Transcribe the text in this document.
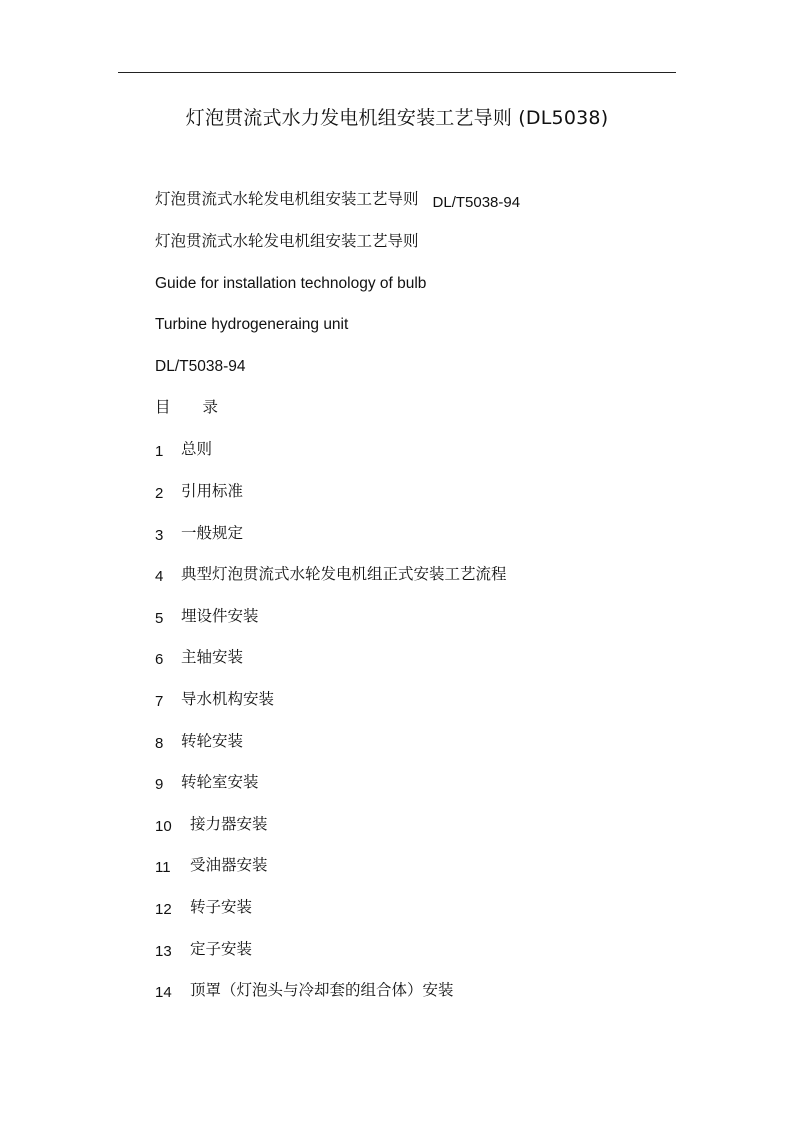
灯泡贯流式水力发电机组安装工艺导则 (DL5038)
灯泡贯流式水轮发电机组安装工艺导则 DL/T5038-94
灯泡贯流式水轮发电机组安装工艺导则
Guide for installation technology of bulb
Turbine hydrogeneraing unit
DL/T5038-94
目 录
1 总则
2 引用标准
3 一般规定
4 典型灯泡贯流式水轮发电机组正式安装工艺流程
5 埋设件安装
6 主轴安装
7 导水机构安装
8 转轮安装
9 转轮室安装
10 接力器安装
11 受油器安装
12 转子安装
13 定子安装
14 顶罩（灯泡头与冷却套的组合体）安装
